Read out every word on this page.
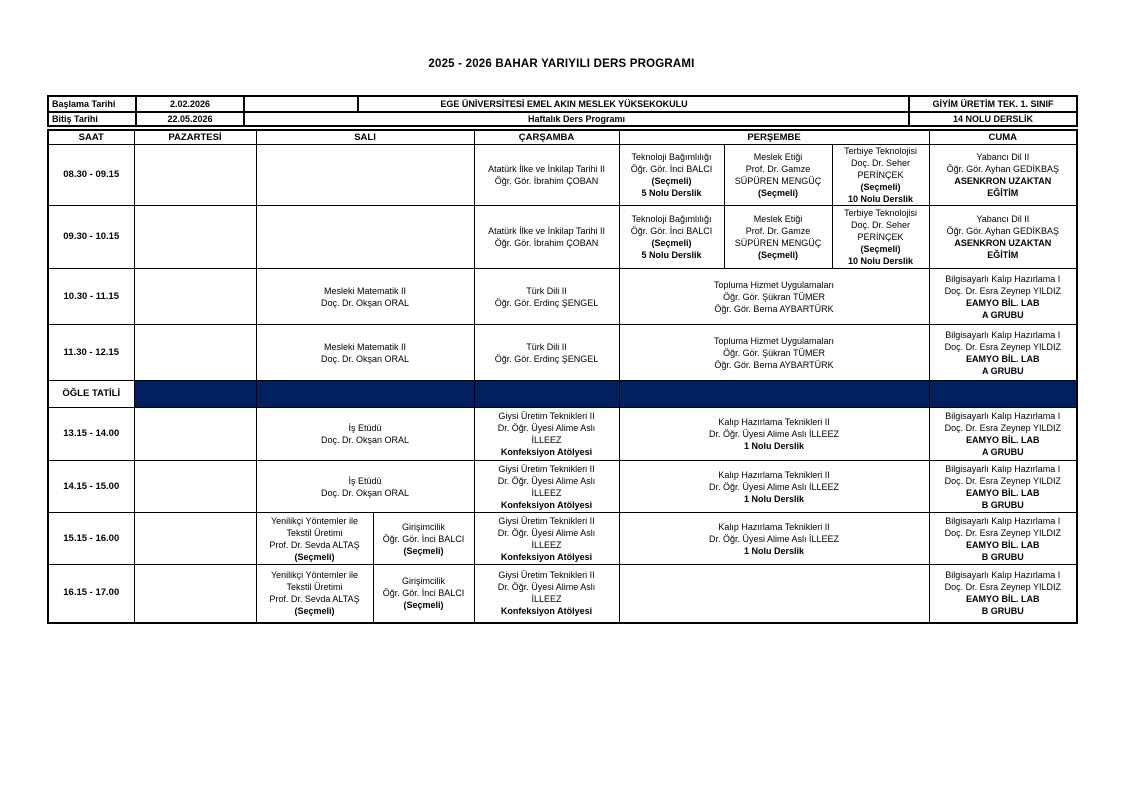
2025 - 2026 BAHAR YARIYILI DERS PROGRAMI
Başlama Tarihi	2.02.2026		EGE ÜNİVERSİTESİ EMEL AKIN MESLEK YÜKSEKOKULU	GİYİM ÜRETİM TEK. 1. SINIF
Bitiş Tarihi	22.05.2026	Haftalık Ders Programı		14 NOLU DERSLİK
SAAT	PAZARTESİ	SALI		ÇARŞAMBA	PERŞEMBE			CUMA
08.30 - 09.15				Atatürk İlke ve İnkilap Tarihi II
Öğr. Gör. İbrahim ÇOBAN	Teknoloji Bağımlılığı
Öğr. Gör. İnci BALCI
(Seçmeli)
5 Nolu Derslik	Meslek Etiği
Prof. Dr. Gamze
SÜPÜREN MENGÜÇ
(Seçmeli)	Terbiye Teknolojisi
Doç. Dr. Seher
PERİNÇEK
(Seçmeli)
10 Nolu Derslik	Yabancı Dil II
Öğr. Gör. Ayhan GEDİKBAŞ
ASENKRON UZAKTAN
EĞİTİM

09.30 - 10.15				Atatürk İlke ve İnkilap Tarihi II
Öğr. Gör. İbrahim ÇOBAN	Teknoloji Bağımlılığı
Öğr. Gör. İnci BALCI
(Seçmeli)
5 Nolu Derslik	Meslek Etiği
Prof. Dr. Gamze
SÜPÜREN MENGÜÇ
(Seçmeli)	Terbiye Teknolojisi
Doç. Dr. Seher
PERİNÇEK
(Seçmeli)
10 Nolu Derslik	Yabancı Dil II
Öğr. Gör. Ayhan GEDİKBAŞ
ASENKRON UZAKTAN
EĞİTİM

10.30 - 11.15		Mesleki Matematik II
Doç. Dr. Okşan ORAL		Türk Dili II
Öğr. Gör. Erdinç ŞENGEL	Topluma Hizmet Uygulamaları
Öğr. Gör. Şükran TÜMER
Öğr. Gör. Berna AYBARTÜRK			Bilgisayarlı Kalıp Hazırlama I
Doç. Dr. Esra Zeynep YILDIZ
EAMYO BİL. LAB
A GRUBU

11.30 - 12.15		Mesleki Matematik II
Doç. Dr. Okşan ORAL		Türk Dili II
Öğr. Gör. Erdinç ŞENGEL	Topluma Hizmet Uygulamaları
Öğr. Gör. Şükran TÜMER
Öğr. Gör. Berna AYBARTÜRK			Bilgisayarlı Kalıp Hazırlama I
Doç. Dr. Esra Zeynep YILDIZ
EAMYO BİL. LAB
A GRUBU

ÖĞLE TATİLİ								
13.15 - 14.00		İş Etüdü
Doç. Dr. Okşan ORAL		Giysi Üretim Teknikleri II
Dr. Öğr. Üyesi Alime Aslı
İLLEEZ
Konfeksiyon Atölyesi	Kalıp Hazırlama Teknikleri II
Dr. Öğr. Üyesi Alime Aslı İLLEEZ
1 Nolu Derslik			Bilgisayarlı Kalıp Hazırlama I
Doç. Dr. Esra Zeynep YILDIZ
EAMYO BİL. LAB
A GRUBU

14.15 - 15.00		İş Etüdü
Doç. Dr. Okşan ORAL		Giysi Üretim Teknikleri II
Dr. Öğr. Üyesi Alime Aslı
İLLEEZ
Konfeksiyon Atölyesi	Kalıp Hazırlama Teknikleri II
Dr. Öğr. Üyesi Alime Aslı İLLEEZ
1 Nolu Derslik			Bilgisayarlı Kalıp Hazırlama I
Doç. Dr. Esra Zeynep YILDIZ
EAMYO BİL. LAB
B GRUBU

15.15 - 16.00		Yenilikçi Yöntemler ile
Tekstil Üretimi
Prof. Dr. Sevda ALTAŞ
(Seçmeli)	Girişimcilik
Öğr. Gör. İnci BALCI
(Seçmeli)	Giysi Üretim Teknikleri II
Dr. Öğr. Üyesi Alime Aslı
İLLEEZ
Konfeksiyon Atölyesi	Kalıp Hazırlama Teknikleri II
Dr. Öğr. Üyesi Alime Aslı İLLEEZ
1 Nolu Derslik			Bilgisayarlı Kalıp Hazırlama I
Doç. Dr. Esra Zeynep YILDIZ
EAMYO BİL. LAB
B GRUBU

16.15 - 17.00		Yenilikçi Yöntemler ile
Tekstil Üretimi
Prof. Dr. Sevda ALTAŞ
(Seçmeli)	Girişimcilik
Öğr. Gör. İnci BALCI
(Seçmeli)	Giysi Üretim Teknikleri II
Dr. Öğr. Üyesi Alime Aslı
İLLEEZ
Konfeksiyon Atölyesi				Bilgisayarlı Kalıp Hazırlama I
Doç. Dr. Esra Zeynep YILDIZ
EAMYO BİL. LAB
B GRUBU
